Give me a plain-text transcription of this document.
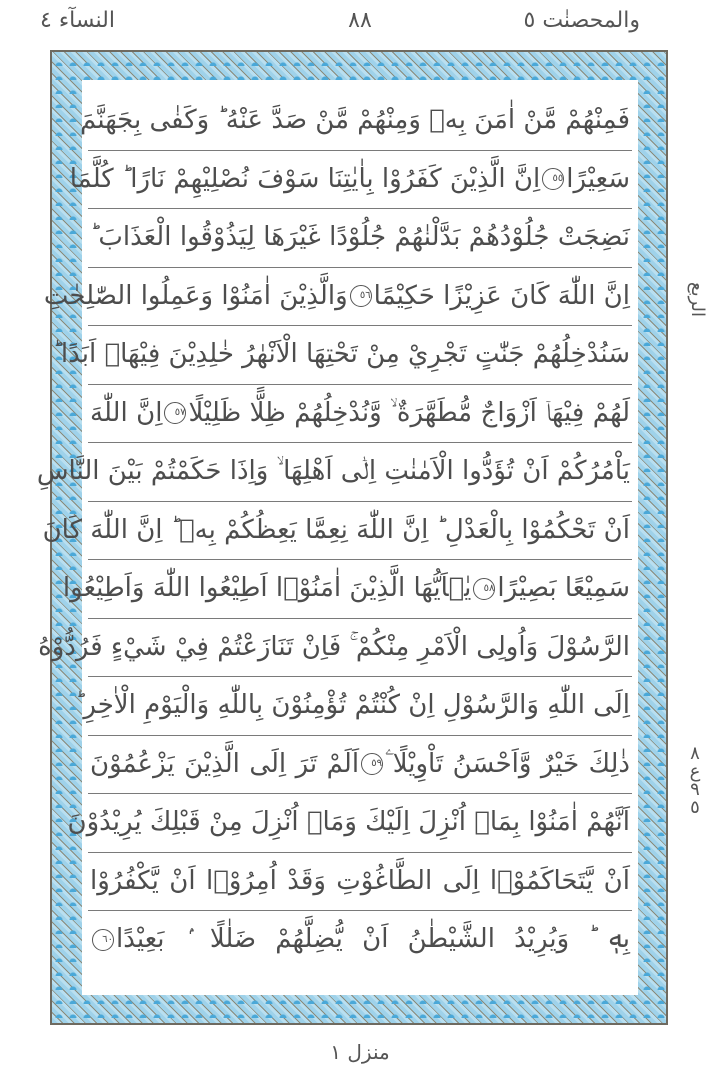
النسآء ٤	٨٨	والمحصنٰت ٥
فَمِنْهُمْ مَّنْ اٰمَنَ بِهٖ وَمِنْهُمْ مَّنْ صَدَّ عَنْهُ ؕ وَكَفٰى بِجَهَنَّمَ
سَعِيْرًا٥٥اِنَّ الَّذِيْنَ كَفَرُوْا بِاٰيٰتِنَا سَوْفَ نُصْلِيْهِمْ نَارًا ؕ كُلَّمَا
نَضِجَتْ جُلُوْدُهُمْ بَدَّلْنٰهُمْ جُلُوْدًا غَيْرَهَا لِيَذُوْقُوا الْعَذَابَ ؕ
اِنَّ اللّٰهَ كَانَ عَزِيْزًا حَكِيْمًا٥٦وَالَّذِيْنَ اٰمَنُوْا وَعَمِلُوا الصّٰلِحٰتِ
سَنُدْخِلُهُمْ جَنّٰتٍ تَجْرِيْ مِنْ تَحْتِهَا الْاَنْهٰرُ خٰلِدِيْنَ فِيْهَاۤ اَبَدًا ؕ
لَهُمْ فِيْهَاۤ اَزْوَاجٌ مُّطَهَّرَةٌ ۙ وَّنُدْخِلُهُمْ ظِلًّا ظَلِيْلًا٥٧اِنَّ اللّٰهَ
يَاْمُرُكُمْ اَنْ تُؤَدُّوا الْاَمٰنٰتِ اِلٰۤى اَهْلِهَا ۙ وَاِذَا حَكَمْتُمْ بَيْنَ النَّاسِ
اَنْ تَحْكُمُوْا بِالْعَدْلِ ؕ اِنَّ اللّٰهَ نِعِمَّا يَعِظُكُمْ بِهٖ ؕ اِنَّ اللّٰهَ كَانَ
سَمِيْعًا بَصِيْرًا٥٨يٰۤاَيُّهَا الَّذِيْنَ اٰمَنُوْۤا اَطِيْعُوا اللّٰهَ وَاَطِيْعُوا
الرَّسُوْلَ وَاُولِى الْاَمْرِ مِنْكُمْ ۚ فَاِنْ تَنَازَعْتُمْ فِيْ شَيْءٍ فَرُدُّوْهُ
اِلَى اللّٰهِ وَالرَّسُوْلِ اِنْ كُنْتُمْ تُؤْمِنُوْنَ بِاللّٰهِ وَالْيَوْمِ الْاٰخِرِ ؕ
ذٰلِكَ خَيْرٌ وَّاَحْسَنُ تَاْوِيْلًا ۧ٥٩اَلَمْ تَرَ اِلَى الَّذِيْنَ يَزْعُمُوْنَ
اَنَّهُمْ اٰمَنُوْا بِمَاۤ اُنْزِلَ اِلَيْكَ وَمَاۤ اُنْزِلَ مِنْ قَبْلِكَ يُرِيْدُوْنَ
اَنْ يَّتَحَاكَمُوْۤا اِلَى الطَّاغُوْتِ وَقَدْ اُمِرُوْۤا اَنْ يَّكْفُرُوْا
بِهٖ ؕ وَيُرِيْدُ الشَّيْطٰنُ اَنْ يُّضِلَّهُمْ ضَلٰلًا ۢ بَعِيْدًا٦٠
الربع
٨
ع
٩
٥
منزل ١
